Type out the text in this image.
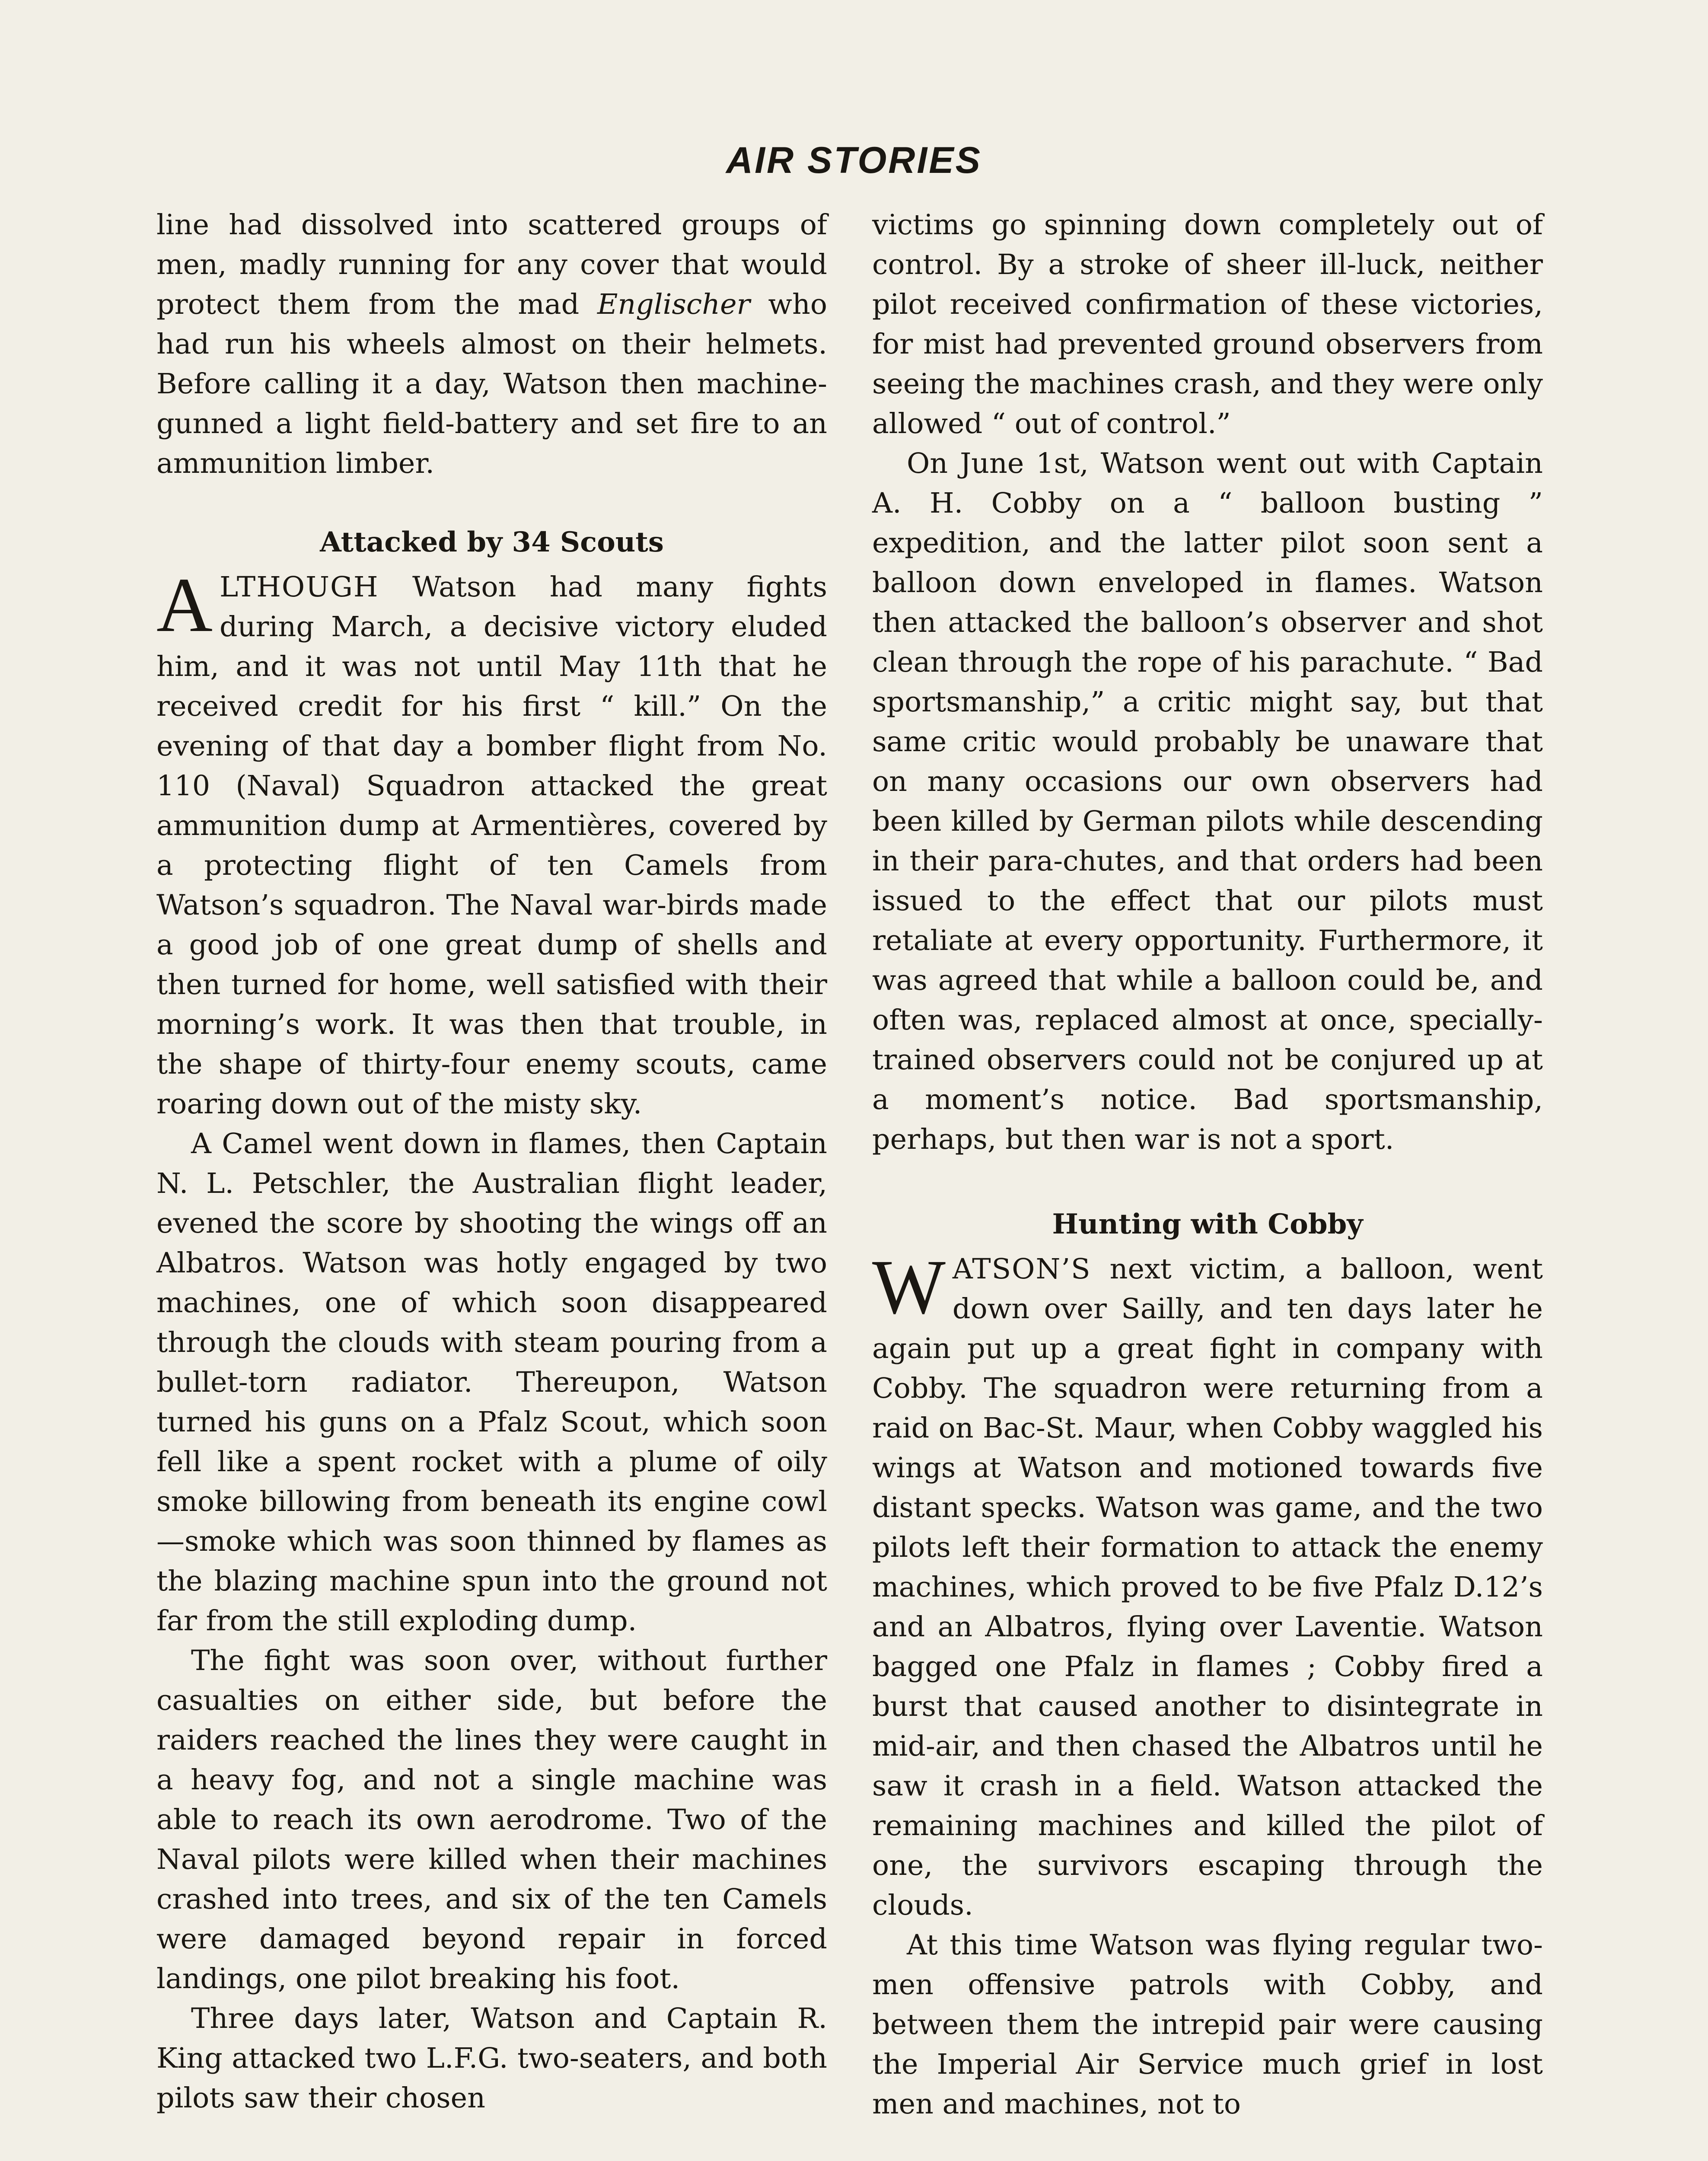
AIR STORIES

line had dissolved into scattered groups of men, madly running for any cover that would protect them from the mad Englischer who had run his wheels almost on their helmets. Before calling it a day, Watson then machine-gunned a light field-battery and set fire to an ammunition limber.

Attacked by 34 Scouts

ALTHOUGH Watson had many fights during March, a decisive victory eluded him, and it was not until May 11th that he received credit for his first “ kill.” On the evening of that day a bomber flight from No. 110 (Naval) Squadron attacked the great ammunition dump at Armentières, covered by a protecting flight of ten Camels from Watson’s squadron. The Naval war-birds made a good job of one great dump of shells and then turned for home, well satisfied with their morning’s work. It was then that trouble, in the shape of thirty-four enemy scouts, came roaring down out of the misty sky.

A Camel went down in flames, then Captain N. L. Petschler, the Australian flight leader, evened the score by shooting the wings off an Albatros. Watson was hotly engaged by two machines, one of which soon disappeared through the clouds with steam pouring from a bullet-torn radiator. Thereupon, Watson turned his guns on a Pfalz Scout, which soon fell like a spent rocket with a plume of oily smoke billowing from beneath its engine cowl—smoke which was soon thinned by flames as the blazing machine spun into the ground not far from the still exploding dump.

The fight was soon over, without further casualties on either side, but before the raiders reached the lines they were caught in a heavy fog, and not a single machine was able to reach its own aerodrome. Two of the Naval pilots were killed when their machines crashed into trees, and six of the ten Camels were damaged beyond repair in forced landings, one pilot breaking his foot.

Three days later, Watson and Captain R. King attacked two L.F.G. two-seaters, and both pilots saw their chosen

victims go spinning down completely out of control. By a stroke of sheer ill-luck, neither pilot received confirmation of these victories, for mist had prevented ground observers from seeing the machines crash, and they were only allowed “ out of control.”

On June 1st, Watson went out with Captain A. H. Cobby on a “ balloon busting ” expedition, and the latter pilot soon sent a balloon down enveloped in flames. Watson then attacked the balloon’s observer and shot clean through the rope of his parachute. “ Bad sportsmanship,” a critic might say, but that same critic would probably be unaware that on many occasions our own observers had been killed by German pilots while descending in their para-chutes, and that orders had been issued to the effect that our pilots must retaliate at every opportunity. Furthermore, it was agreed that while a balloon could be, and often was, replaced almost at once, specially-trained observers could not be conjured up at a moment’s notice. Bad sportsmanship, perhaps, but then war is not a sport.

Hunting with Cobby

WATSON’S next victim, a balloon, went down over Sailly, and ten days later he again put up a great fight in company with Cobby. The squadron were returning from a raid on Bac-St. Maur, when Cobby waggled his wings at Watson and motioned towards five distant specks. Watson was game, and the two pilots left their formation to attack the enemy machines, which proved to be five Pfalz D.12’s and an Albatros, flying over Laventie. Watson bagged one Pfalz in flames ; Cobby fired a burst that caused another to disintegrate in mid-air, and then chased the Albatros until he saw it crash in a field. Watson attacked the remaining machines and killed the pilot of one, the survivors escaping through the clouds.

At this time Watson was flying regular two-men offensive patrols with Cobby, and between them the intrepid pair were causing the Imperial Air Service much grief in lost men and machines, not to
